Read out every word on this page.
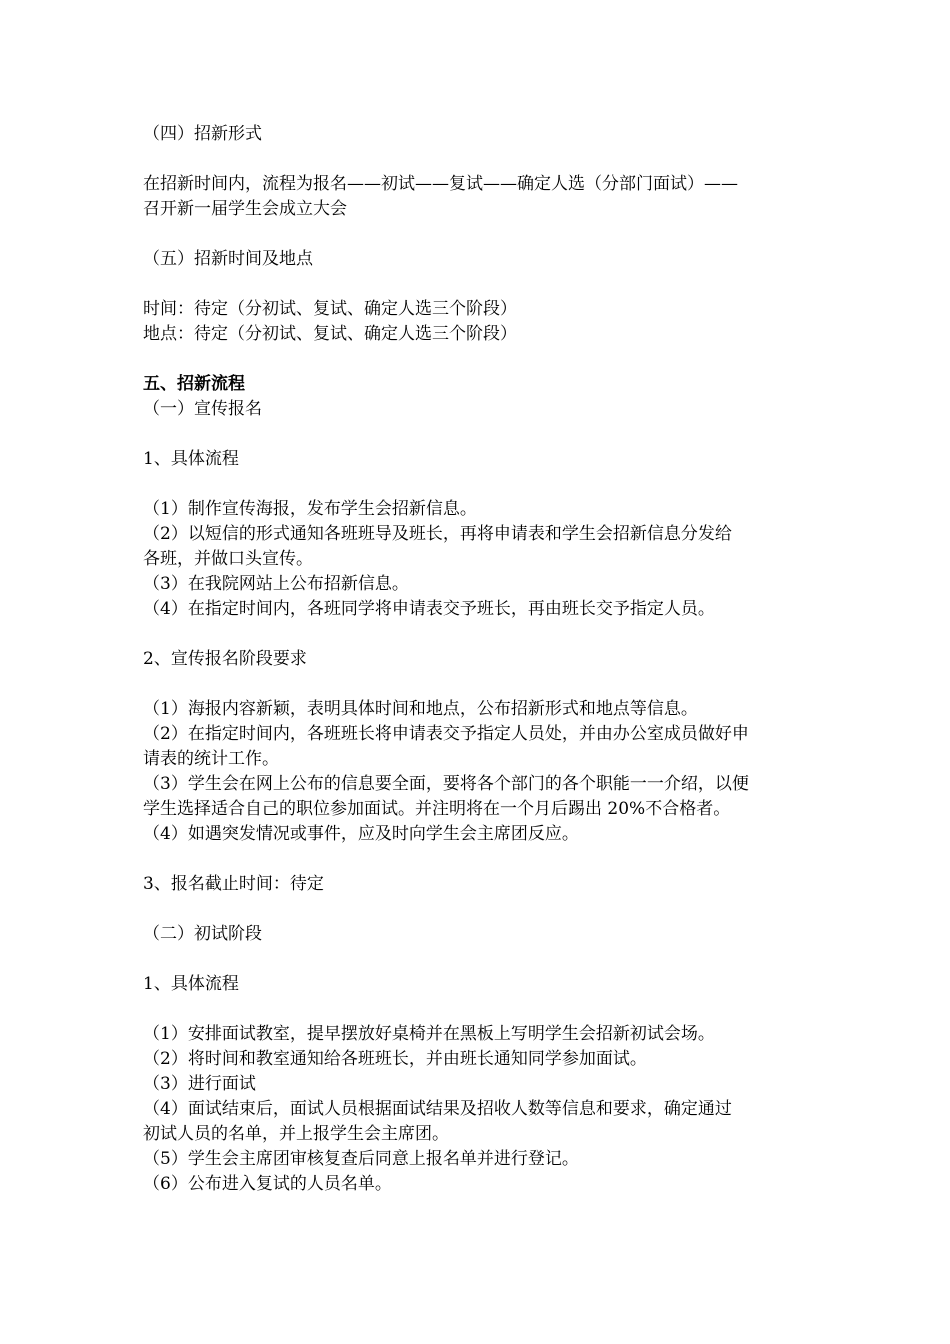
（四）招新形式

在招新时间内，流程为报名——初试——复试——确定人选（分部门面试）——

召开新一届学生会成立大会

（五）招新时间及地点

时间：待定（分初试、复试、确定人选三个阶段）

地点：待定（分初试、复试、确定人选三个阶段）

五、招新流程

（一）宣传报名

1、具体流程

（1）制作宣传海报，发布学生会招新信息。

（2）以短信的形式通知各班班导及班长，再将申请表和学生会招新信息分发给

各班，并做口头宣传。

（3）在我院网站上公布招新信息。

（4）在指定时间内，各班同学将申请表交予班长，再由班长交予指定人员。

2、宣传报名阶段要求

（1）海报内容新颖，表明具体时间和地点，公布招新形式和地点等信息。

（2）在指定时间内，各班班长将申请表交予指定人员处，并由办公室成员做好申

请表的统计工作。

（3）学生会在网上公布的信息要全面，要将各个部门的各个职能一一介绍，以便

学生选择适合自己的职位参加面试。并注明将在一个月后踢出 20%不合格者。

（4）如遇突发情况或事件，应及时向学生会主席团反应。

3、报名截止时间：待定

（二）初试阶段

1、具体流程

（1）安排面试教室，提早摆放好桌椅并在黑板上写明学生会招新初试会场。

（2）将时间和教室通知给各班班长，并由班长通知同学参加面试。

（3）进行面试

（4）面试结束后，面试人员根据面试结果及招收人数等信息和要求，确定通过

初试人员的名单，并上报学生会主席团。

（5）学生会主席团审核复查后同意上报名单并进行登记。

（6）公布进入复试的人员名单。
